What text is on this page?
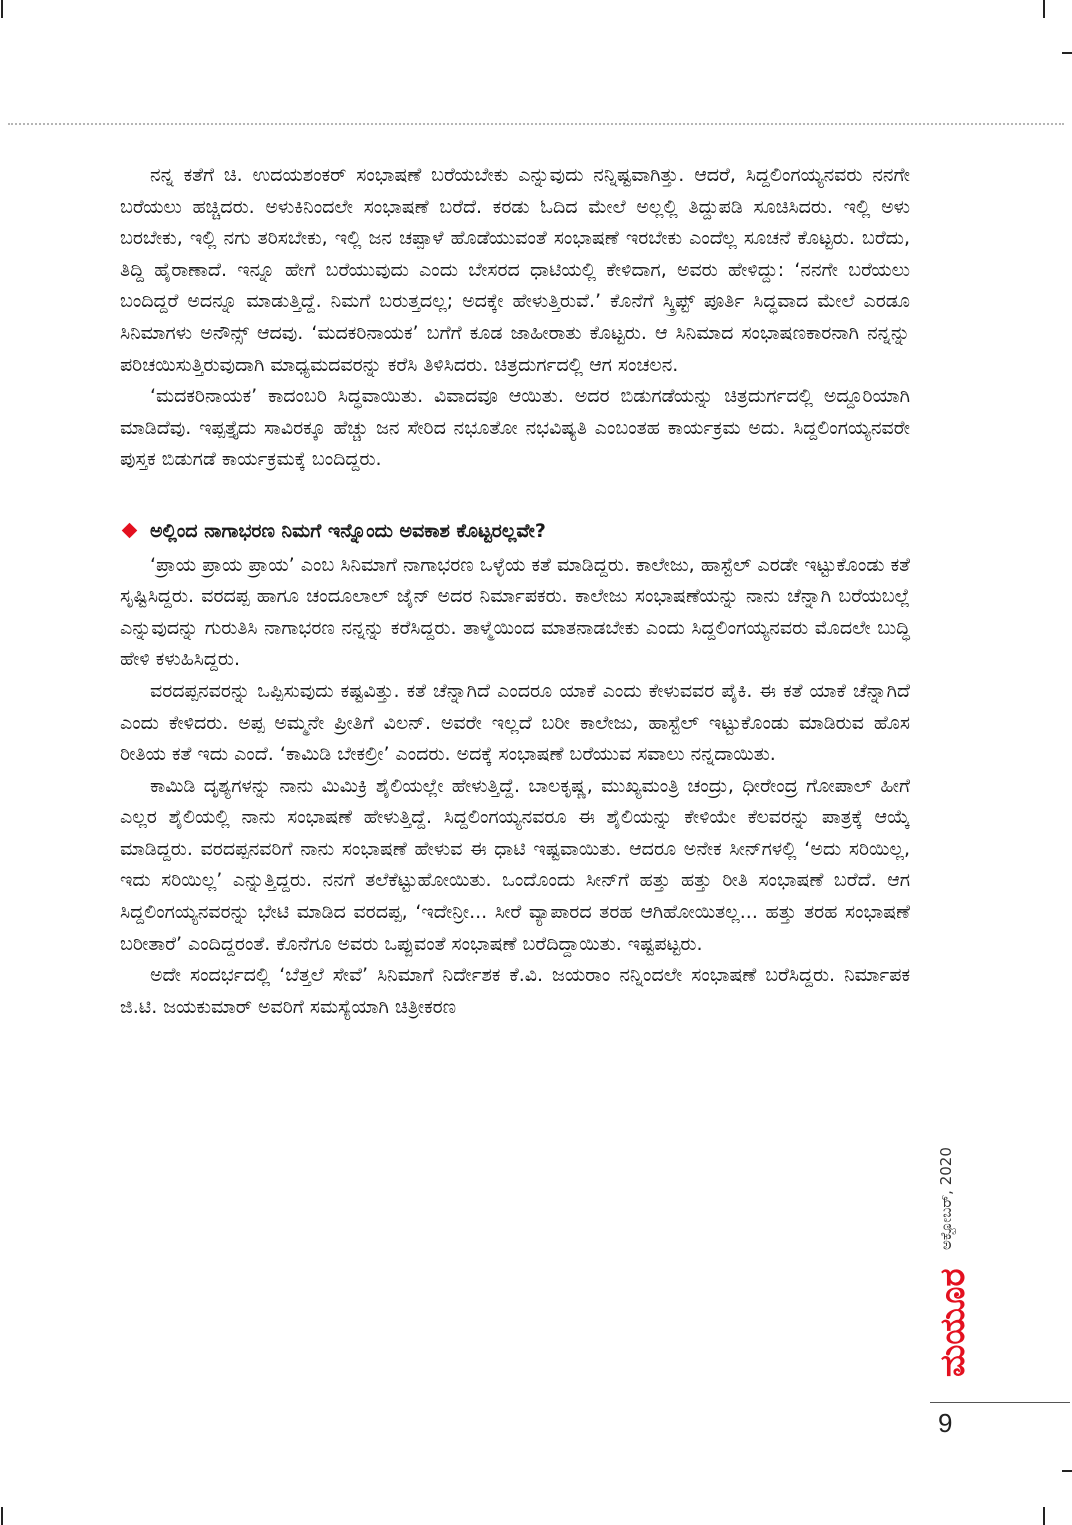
ನನ್ನ ಕತೆಗೆ ಚಿ. ಉದಯಶಂಕರ್ ಸಂಭಾಷಣೆ ಬರೆಯಬೇಕು ಎನ್ನುವುದು ನನ್ನಿಷ್ಟವಾಗಿತ್ತು. ಆದರೆ, ಸಿದ್ದಲಿಂಗಯ್ಯನವರು ನನಗೇ ಬರೆಯಲು ಹಚ್ಚಿದರು. ಅಳುಕಿನಿಂದಲೇ ಸಂಭಾಷಣೆ ಬರೆದೆ. ಕರಡು ಓದಿದ ಮೇಲೆ ಅಲ್ಲಲ್ಲಿ ತಿದ್ದುಪಡಿ ಸೂಚಿಸಿದರು. ಇಲ್ಲಿ ಅಳು ಬರಬೇಕು, ಇಲ್ಲಿ ನಗು ತರಿಸಬೇಕು, ಇಲ್ಲಿ ಜನ ಚಪ್ಪಾಳೆ ಹೊಡೆಯುವಂತೆ ಸಂಭಾಷಣೆ ಇರಬೇಕು ಎಂದೆಲ್ಲ ಸೂಚನೆ ಕೊಟ್ಟರು. ಬರೆದು, ತಿದ್ದಿ ಹೈರಾಣಾದೆ. ಇನ್ನೂ ಹೇಗೆ ಬರೆಯುವುದು ಎಂದು ಬೇಸರದ ಧಾಟಿಯಲ್ಲಿ ಕೇಳಿದಾಗ, ಅವರು ಹೇಳಿದ್ದು: ‘ನನಗೇ ಬರೆಯಲು ಬಂದಿದ್ದರೆ ಅದನ್ನೂ ಮಾಡುತ್ತಿದ್ದೆ. ನಿಮಗೆ ಬರುತ್ತದಲ್ಲ; ಅದಕ್ಕೇ ಹೇಳುತ್ತಿರುವೆ.’ ಕೊನೆಗೆ ಸ್ಕ್ರಿಪ್ಟ್ ಪೂರ್ತಿ ಸಿದ್ಧವಾದ ಮೇಲೆ ಎರಡೂ ಸಿನಿಮಾಗಳು ಅನೌನ್ಸ್ ಆದವು. ‘ಮದಕರಿನಾಯಕ’ ಬಗೆಗೆ ಕೂಡ ಜಾಹೀರಾತು ಕೊಟ್ಟರು. ಆ ಸಿನಿಮಾದ ಸಂಭಾಷಣಕಾರನಾಗಿ ನನ್ನನ್ನು ಪರಿಚಯಿಸುತ್ತಿರುವುದಾಗಿ ಮಾಧ್ಯಮದವರನ್ನು ಕರೆಸಿ ತಿಳಿಸಿದರು. ಚಿತ್ರದುರ್ಗದಲ್ಲಿ ಆಗ ಸಂಚಲನ.

‘ಮದಕರಿನಾಯಕ’ ಕಾದಂಬರಿ ಸಿದ್ಧವಾಯಿತು. ವಿವಾದವೂ ಆಯಿತು. ಅದರ ಬಿಡುಗಡೆಯನ್ನು ಚಿತ್ರದುರ್ಗದಲ್ಲಿ ಅದ್ದೂರಿಯಾಗಿ ಮಾಡಿದೆವು. ಇಪ್ಪತ್ತೈದು ಸಾವಿರಕ್ಕೂ ಹೆಚ್ಚು ಜನ ಸೇರಿದ ನಭೂತೋ ನಭವಿಷ್ಯತಿ ಎಂಬಂತಹ ಕಾರ್ಯಕ್ರಮ ಅದು. ಸಿದ್ದಲಿಂಗಯ್ಯನವರೇ ಪುಸ್ತಕ ಬಿಡುಗಡೆ ಕಾರ್ಯಕ್ರಮಕ್ಕೆ ಬಂದಿದ್ದರು.

ಅಲ್ಲಿಂದ ನಾಗಾಭರಣ ನಿಮಗೆ ಇನ್ನೊಂದು ಅವಕಾಶ ಕೊಟ್ಟರಲ್ಲವೇ?

‘ಪ್ರಾಯ ಪ್ರಾಯ ಪ್ರಾಯ’ ಎಂಬ ಸಿನಿಮಾಗೆ ನಾಗಾಭರಣ ಒಳ್ಳೆಯ ಕತೆ ಮಾಡಿದ್ದರು. ಕಾಲೇಜು, ಹಾಸ್ಟೆಲ್ ಎರಡೇ ಇಟ್ಟುಕೊಂಡು ಕತೆ ಸೃಷ್ಟಿಸಿದ್ದರು. ವರದಪ್ಪ ಹಾಗೂ ಚಂದೂಲಾಲ್ ಜೈನ್ ಅದರ ನಿರ್ಮಾಪಕರು. ಕಾಲೇಜು ಸಂಭಾಷಣೆಯನ್ನು ನಾನು ಚೆನ್ನಾಗಿ ಬರೆಯಬಲ್ಲೆ ಎನ್ನುವುದನ್ನು ಗುರುತಿಸಿ ನಾಗಾಭರಣ ನನ್ನನ್ನು ಕರೆಸಿದ್ದರು. ತಾಳ್ಮೆಯಿಂದ ಮಾತನಾಡಬೇಕು ಎಂದು ಸಿದ್ದಲಿಂಗಯ್ಯನವರು ಮೊದಲೇ ಬುದ್ಧಿ ಹೇಳಿ ಕಳುಹಿಸಿದ್ದರು.

ವರದಪ್ಪನವರನ್ನು ಒಪ್ಪಿಸುವುದು ಕಷ್ಟವಿತ್ತು. ಕತೆ ಚೆನ್ನಾಗಿದೆ ಎಂದರೂ ಯಾಕೆ ಎಂದು ಕೇಳುವವರ ಪೈಕಿ. ಈ ಕತೆ ಯಾಕೆ ಚೆನ್ನಾಗಿದೆ ಎಂದು ಕೇಳಿದರು. ಅಪ್ಪ ಅಮ್ಮನೇ ಪ್ರೀತಿಗೆ ವಿಲನ್. ಅವರೇ ಇಲ್ಲದೆ ಬರೀ ಕಾಲೇಜು, ಹಾಸ್ಟೆಲ್ ಇಟ್ಟುಕೊಂಡು ಮಾಡಿರುವ ಹೊಸ ರೀತಿಯ ಕತೆ ಇದು ಎಂದೆ. ‘ಕಾಮಿಡಿ ಬೇಕಲ್ರೀ’ ಎಂದರು. ಅದಕ್ಕೆ ಸಂಭಾಷಣೆ ಬರೆಯುವ ಸವಾಲು ನನ್ನದಾಯಿತು.

ಕಾಮಿಡಿ ದೃಶ್ಯಗಳನ್ನು ನಾನು ಮಿಮಿಕ್ರಿ ಶೈಲಿಯಲ್ಲೇ ಹೇಳುತ್ತಿದ್ದೆ. ಬಾಲಕೃಷ್ಣ, ಮುಖ್ಯಮಂತ್ರಿ ಚಂದ್ರು, ಧೀರೇಂದ್ರ ಗೋಪಾಲ್ ಹೀಗೆ ಎಲ್ಲರ ಶೈಲಿಯಲ್ಲಿ ನಾನು ಸಂಭಾಷಣೆ ಹೇಳುತ್ತಿದ್ದೆ. ಸಿದ್ದಲಿಂಗಯ್ಯನವರೂ ಈ ಶೈಲಿಯನ್ನು ಕೇಳಿಯೇ ಕೆಲವರನ್ನು ಪಾತ್ರಕ್ಕೆ ಆಯ್ಕೆ ಮಾಡಿದ್ದರು. ವರದಪ್ಪನವರಿಗೆ ನಾನು ಸಂಭಾಷಣೆ ಹೇಳುವ ಈ ಧಾಟಿ ಇಷ್ಟವಾಯಿತು. ಆದರೂ ಅನೇಕ ಸೀನ್‌ಗಳಲ್ಲಿ ‘ಅದು ಸರಿಯಿಲ್ಲ, ಇದು ಸರಿಯಿಲ್ಲ’ ಎನ್ನುತ್ತಿದ್ದರು. ನನಗೆ ತಲೆಕೆಟ್ಟುಹೋಯಿತು. ಒಂದೊಂದು ಸೀನ್‌ಗೆ ಹತ್ತು ಹತ್ತು ರೀತಿ ಸಂಭಾಷಣೆ ಬರೆದೆ. ಆಗ ಸಿದ್ದಲಿಂಗಯ್ಯನವರನ್ನು ಭೇಟಿ ಮಾಡಿದ ವರದಪ್ಪ, ‘ಇದೇನ್ರೀ... ಸೀರೆ ವ್ಯಾಪಾರದ ತರಹ ಆಗಿಹೋಯಿತಲ್ಲ... ಹತ್ತು ತರಹ ಸಂಭಾಷಣೆ ಬರೀತಾರೆ’ ಎಂದಿದ್ದರಂತೆ. ಕೊನೆಗೂ ಅವರು ಒಪ್ಪುವಂತೆ ಸಂಭಾಷಣೆ ಬರೆದಿದ್ದಾಯಿತು. ಇಷ್ಟಪಟ್ಟರು.

ಅದೇ ಸಂದರ್ಭದಲ್ಲಿ ‘ಬೆತ್ತಲೆ ಸೇವೆ’ ಸಿನಿಮಾಗೆ ನಿರ್ದೇಶಕ ಕೆ.ವಿ. ಜಯರಾಂ ನನ್ನಿಂದಲೇ ಸಂಭಾಷಣೆ ಬರೆಸಿದ್ದರು. ನಿರ್ಮಾಪಕ ಜಿ.ಟಿ. ಜಯಕುಮಾರ್ ಅವರಿಗೆ ಸಮಸ್ಯೆಯಾಗಿ ಚಿತ್ರೀಕರಣ

ಅಕ್ಟೋಬರ್, 2020
ಮಯೂರ
9
